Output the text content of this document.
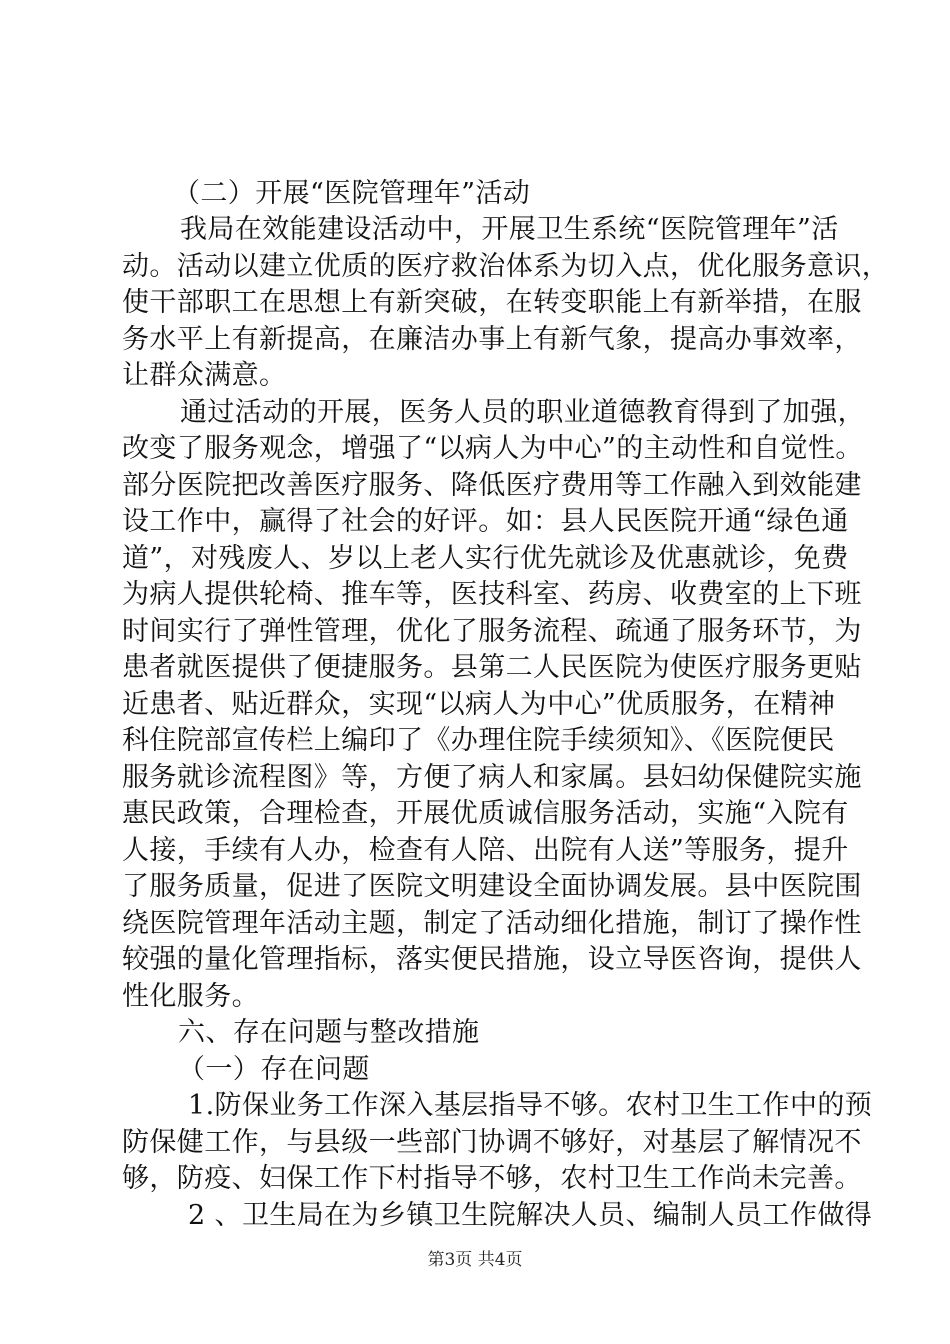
（二）开展“医院管理年”活动
我局在效能建设活动中，开展卫生系统“医院管理年”活
动。活动以建立优质的医疗救治体系为切入点，优化服务意识，
使干部职工在思想上有新突破，在转变职能上有新举措，在服
务水平上有新提高，在廉洁办事上有新气象，提高办事效率，
让群众满意。
通过活动的开展，医务人员的职业道德教育得到了加强，
改变了服务观念，增强了“以病人为中心”的主动性和自觉性。
部分医院把改善医疗服务、降低医疗费用等工作融入到效能建
设工作中，赢得了社会的好评。如：县人民医院开通“绿色通
道”，对残废人、岁以上老人实行优先就诊及优惠就诊，免费
为病人提供轮椅、推车等，医技科室、药房、收费室的上下班
时间实行了弹性管理，优化了服务流程、疏通了服务环节，为
患者就医提供了便捷服务。县第二人民医院为使医疗服务更贴
近患者、贴近群众，实现“以病人为中心”优质服务，在精神
科住院部宣传栏上编印了《办理住院手续须知》、《医院便民
服务就诊流程图》等，方便了病人和家属。县妇幼保健院实施
惠民政策，合理检查，开展优质诚信服务活动，实施“入院有
人接，手续有人办，检查有人陪、出院有人送”等服务，提升
了服务质量，促进了医院文明建设全面协调发展。县中医院围
绕医院管理年活动主题，制定了活动细化措施，制订了操作性
较强的量化管理指标，落实便民措施，设立导医咨询，提供人
性化服务。
六、存在问题与整改措施
（一）存在问题
1.防保业务工作深入基层指导不够。农村卫生工作中的预
防保健工作，与县级一些部门协调不够好，对基层了解情况不
够，防疫、妇保工作下村指导不够，农村卫生工作尚未完善。
2 、卫生局在为乡镇卫生院解决人员、编制人员工作做得
第3页 共4页
